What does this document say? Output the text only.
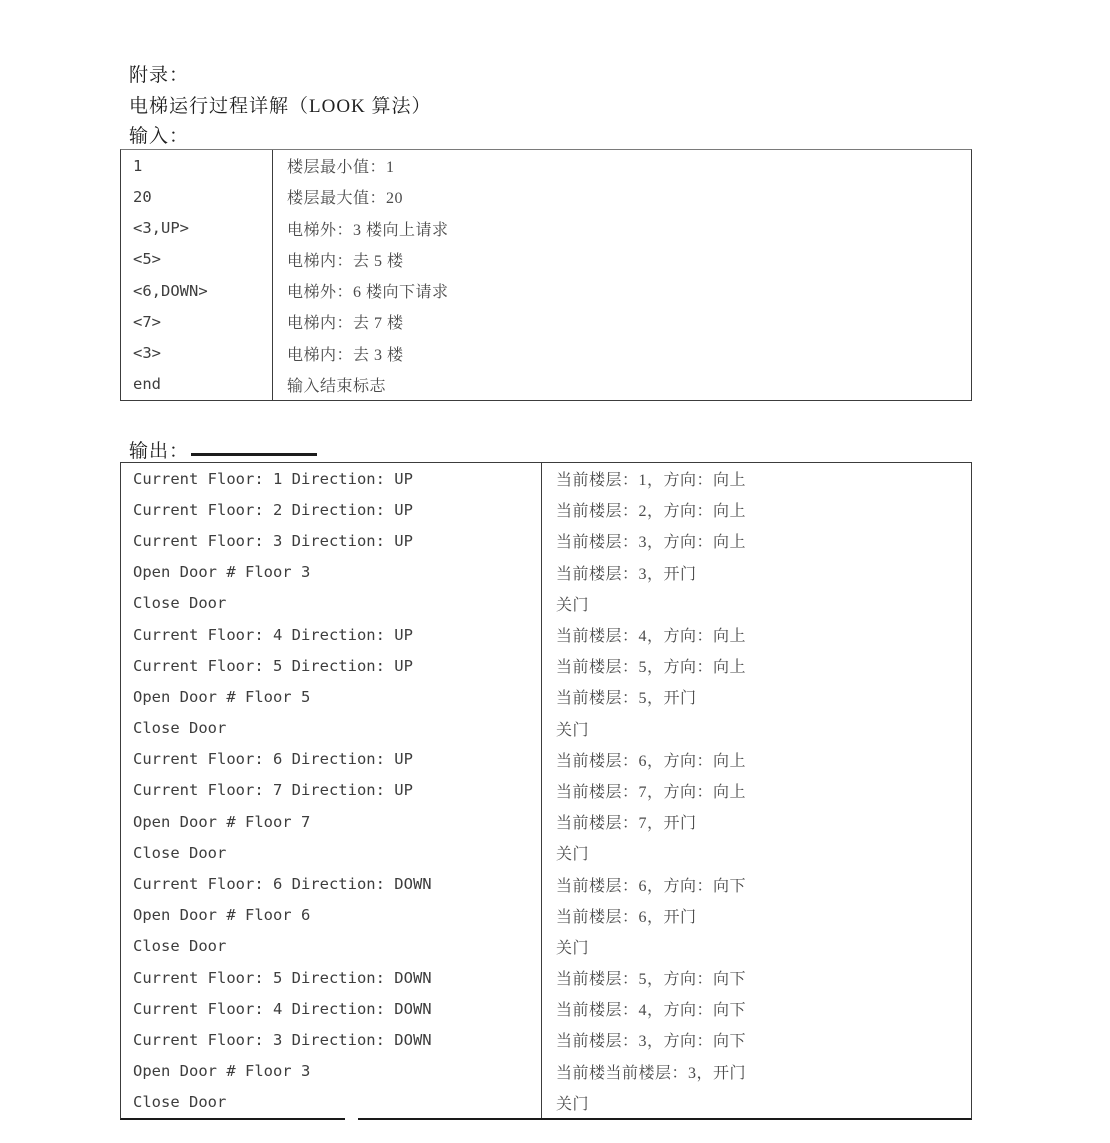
附录：
电梯运行过程详解（LOOK 算法）
输入：
1	楼层最小值：1
20	楼层最大值：20
<3,UP>	电梯外：3 楼向上请求
<5>	电梯内：去 5 楼
<6,DOWN>	电梯外：6 楼向下请求
<7>	电梯内：去 7 楼
<3>	电梯内：去 3 楼
end	输入结束标志
输出：
Current Floor: 1 Direction: UP	当前楼层：1，方向：向上
Current Floor: 2 Direction: UP	当前楼层：2，方向：向上
Current Floor: 3 Direction: UP	当前楼层：3，方向：向上
Open Door # Floor 3	当前楼层：3，开门
Close Door	关门
Current Floor: 4 Direction: UP	当前楼层：4，方向：向上
Current Floor: 5 Direction: UP	当前楼层：5，方向：向上
Open Door # Floor 5	当前楼层：5，开门
Close Door	关门
Current Floor: 6 Direction: UP	当前楼层：6，方向：向上
Current Floor: 7 Direction: UP	当前楼层：7，方向：向上
Open Door # Floor 7	当前楼层：7，开门
Close Door	关门
Current Floor: 6 Direction: DOWN	当前楼层：6，方向：向下
Open Door # Floor 6	当前楼层：6，开门
Close Door	关门
Current Floor: 5 Direction: DOWN	当前楼层：5，方向：向下
Current Floor: 4 Direction: DOWN	当前楼层：4，方向：向下
Current Floor: 3 Direction: DOWN	当前楼层：3，方向：向下
Open Door # Floor 3	当前楼当前楼层：3，开门
Close Door	关门
